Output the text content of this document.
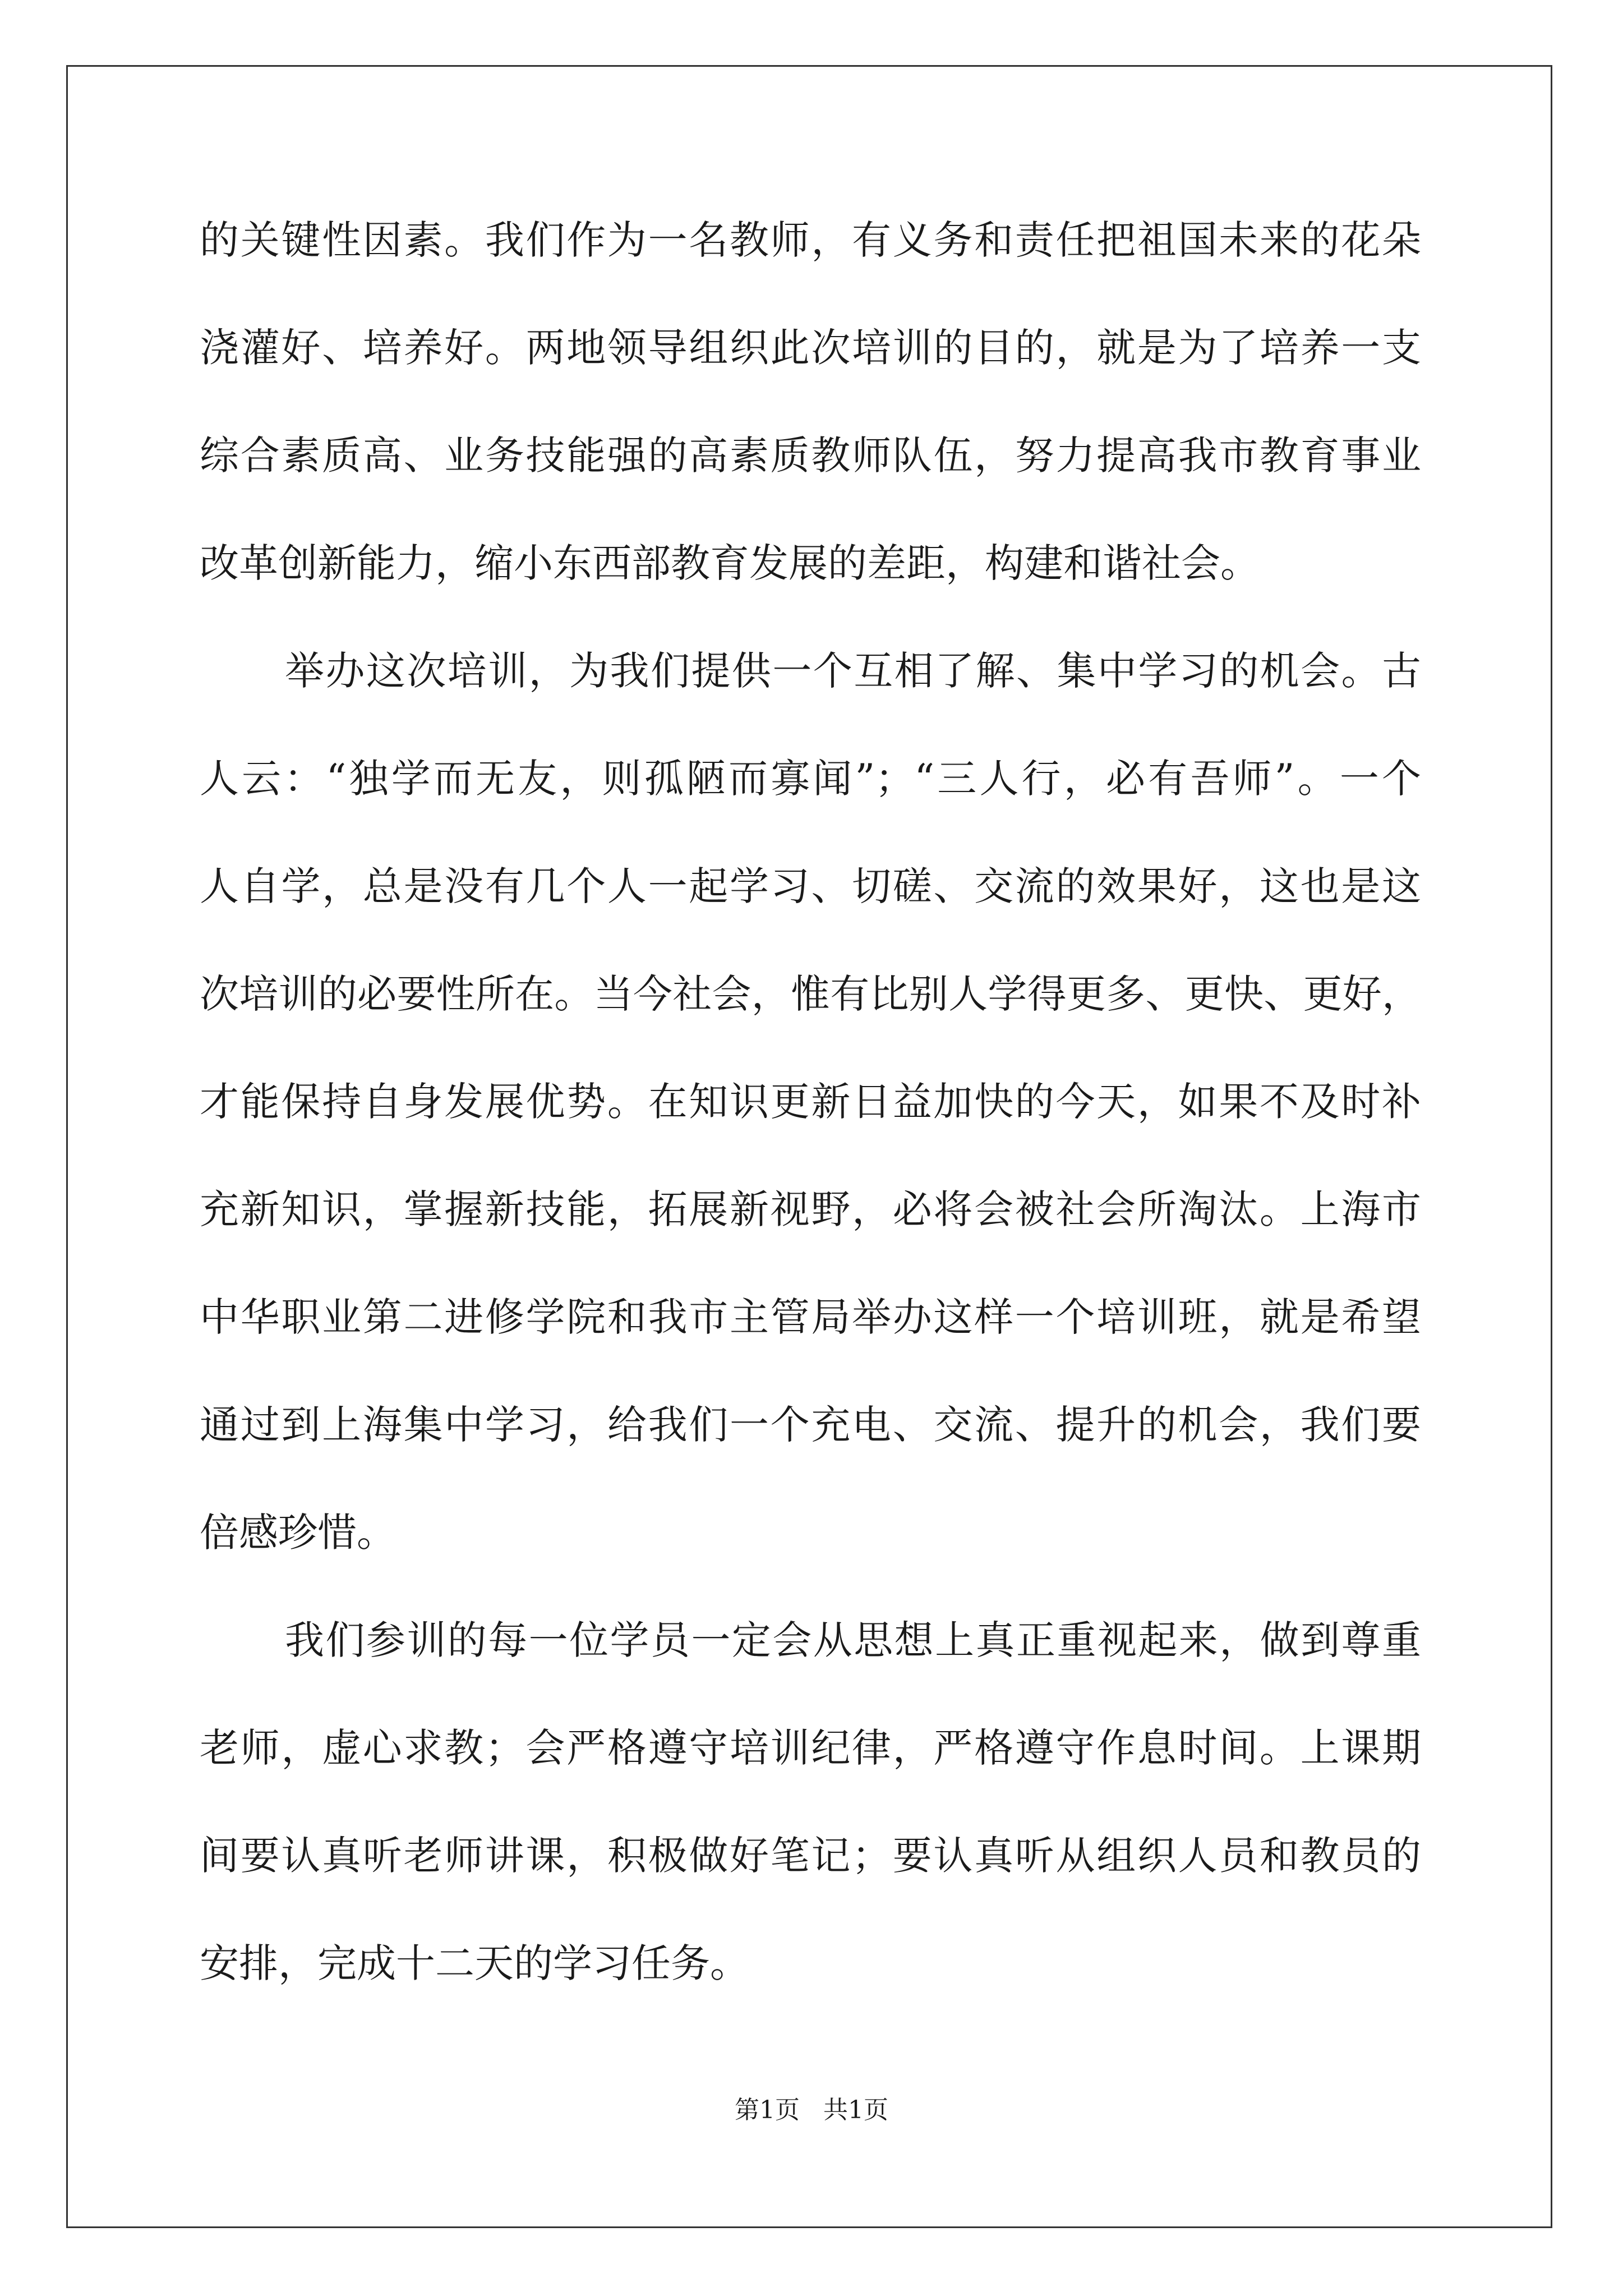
的关键性因素。我们作为一名教师，有义务和责任把祖国未来的花朵
浇灌好、培养好。两地领导组织此次培训的目的，就是为了培养一支
综合素质高、业务技能强的高素质教师队伍，努力提高我市教育事业
改革创新能力，缩小东西部教育发展的差距，构建和谐社会。
举办这次培训，为我们提供一个互相了解、集中学习的机会。古
人云：“独学而无友，则孤陋而寡闻”；“三人行，必有吾师”。一个
人自学，总是没有几个人一起学习、切磋、交流的效果好，这也是这
次培训的必要性所在。当今社会，惟有比别人学得更多、更快、更好，
才能保持自身发展优势。在知识更新日益加快的今天，如果不及时补
充新知识，掌握新技能，拓展新视野，必将会被社会所淘汰。上海市
中华职业第二进修学院和我市主管局举办这样一个培训班，就是希望
通过到上海集中学习，给我们一个充电、交流、提升的机会，我们要
倍感珍惜。
我们参训的每一位学员一定会从思想上真正重视起来，做到尊重
老师，虚心求教；会严格遵守培训纪律，严格遵守作息时间。上课期
间要认真听老师讲课，积极做好笔记；要认真听从组织人员和教员的
安排，完成十二天的学习任务。
第1页 共1页
